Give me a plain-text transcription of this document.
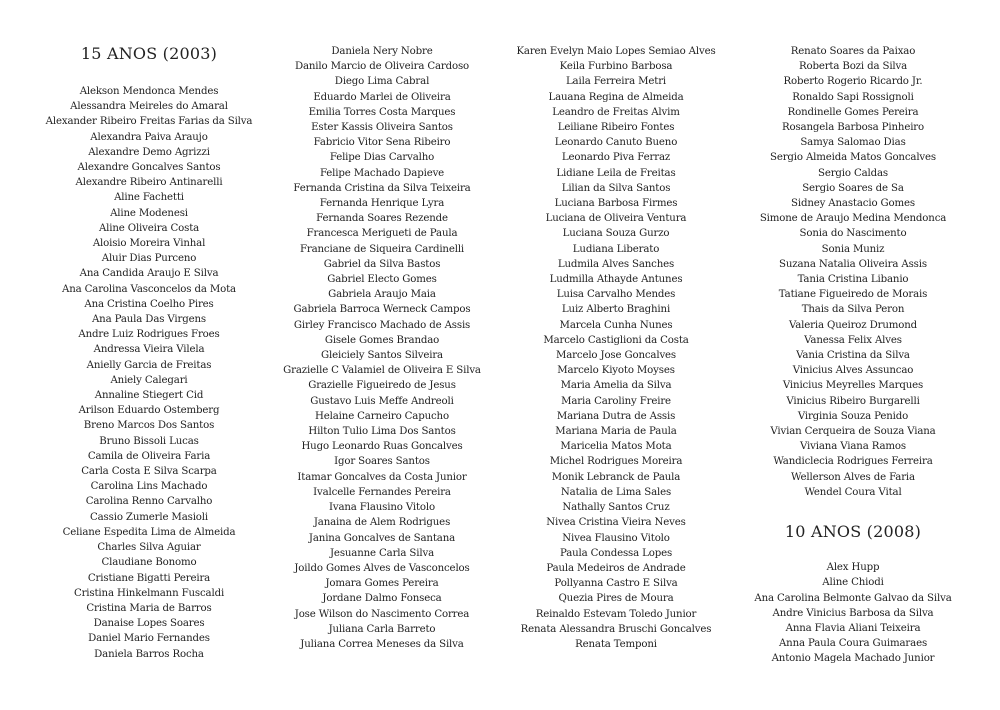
15 ANOS (2003)
Alekson Mendonca Mendes
Alessandra Meireles do Amaral
Alexander Ribeiro Freitas Farias da Silva
Alexandra Paiva Araujo
Alexandre Demo Agrizzi
Alexandre Goncalves Santos
Alexandre Ribeiro Antinarelli
Aline Fachetti
Aline Modenesi
Aline Oliveira Costa
Aloisio Moreira Vinhal
Aluir Dias Purceno
Ana Candida Araujo E Silva
Ana Carolina Vasconcelos da Mota
Ana Cristina Coelho Pires
Ana Paula Das Virgens
Andre Luiz Rodrigues Froes
Andressa Vieira Vilela
Anielly Garcia de Freitas
Aniely Calegari
Annaline Stiegert Cid
Arilson Eduardo Ostemberg
Breno Marcos Dos Santos
Bruno Bissoli Lucas
Camila de Oliveira Faria
Carla Costa E Silva Scarpa
Carolina Lins Machado
Carolina Renno Carvalho
Cassio Zumerle Masioli
Celiane Espedita Lima de Almeida
Charles Silva Aguiar
Claudiane Bonomo
Cristiane Bigatti Pereira
Cristina Hinkelmann Fuscaldi
Cristina Maria de Barros
Danaise Lopes Soares
Daniel Mario Fernandes
Daniela Barros Rocha
Daniela Nery Nobre
Danilo Marcio de Oliveira Cardoso
Diego Lima Cabral
Eduardo Marlei de Oliveira
Emilia Torres Costa Marques
Ester Kassis Oliveira Santos
Fabricio Vitor Sena Ribeiro
Felipe Dias Carvalho
Felipe Machado Dapieve
Fernanda Cristina da Silva Teixeira
Fernanda Henrique Lyra
Fernanda Soares Rezende
Francesca Merigueti de Paula
Franciane de Siqueira Cardinelli
Gabriel da Silva Bastos
Gabriel Electo Gomes
Gabriela Araujo Maia
Gabriela Barroca Werneck Campos
Girley Francisco Machado de Assis
Gisele Gomes Brandao
Gleiciely Santos Silveira
Grazielle C Valamiel de Oliveira E Silva
Grazielle Figueiredo de Jesus
Gustavo Luis Meffe Andreoli
Helaine Carneiro Capucho
Hilton Tulio Lima Dos Santos
Hugo Leonardo Ruas Goncalves
Igor Soares Santos
Itamar Goncalves da Costa Junior
Ivalcelle Fernandes Pereira
Ivana Flausino Vitolo
Janaina de Alem Rodrigues
Janina Goncalves de Santana
Jesuanne Carla Silva
Joildo Gomes Alves de Vasconcelos
Jomara Gomes Pereira
Jordane Dalmo Fonseca
Jose Wilson do Nascimento Correa
Juliana Carla Barreto
Juliana Correa Meneses da Silva
Karen Evelyn Maio Lopes Semiao Alves
Keila Furbino Barbosa
Laila Ferreira Metri
Lauana Regina de Almeida
Leandro de Freitas Alvim
Leiliane Ribeiro Fontes
Leonardo Canuto Bueno
Leonardo Piva Ferraz
Lidiane Leila de Freitas
Lilian da Silva Santos
Luciana Barbosa Firmes
Luciana de Oliveira Ventura
Luciana Souza Gurzo
Ludiana Liberato
Ludmila Alves Sanches
Ludmilla Athayde Antunes
Luisa Carvalho Mendes
Luiz Alberto Braghini
Marcela Cunha Nunes
Marcelo Castiglioni da Costa
Marcelo Jose Goncalves
Marcelo Kiyoto Moyses
Maria Amelia da Silva
Maria Caroliny Freire
Mariana Dutra de Assis
Mariana Maria de Paula
Maricelia Matos Mota
Michel Rodrigues Moreira
Monik Lebranck de Paula
Natalia de Lima Sales
Nathally Santos Cruz
Nivea Cristina Vieira Neves
Nivea Flausino Vitolo
Paula Condessa Lopes
Paula Medeiros de Andrade
Pollyanna Castro E Silva
Quezia Pires de Moura
Reinaldo Estevam Toledo Junior
Renata Alessandra Bruschi Goncalves
Renata Temponi
Renato Soares da Paixao
Roberta Bozi da Silva
Roberto Rogerio Ricardo Jr.
Ronaldo Sapi Rossignoli
Rondinelle Gomes Pereira
Rosangela Barbosa Pinheiro
Samya Salomao Dias
Sergio Almeida Matos Goncalves
Sergio Caldas
Sergio Soares de Sa
Sidney Anastacio Gomes
Simone de Araujo Medina Mendonca
Sonia do Nascimento
Sonia Muniz
Suzana Natalia Oliveira Assis
Tania Cristina Libanio
Tatiane Figueiredo de Morais
Thais da Silva Peron
Valeria Queiroz Drumond
Vanessa Felix Alves
Vania Cristina da Silva
Vinicius Alves Assuncao
Vinicius Meyrelles Marques
Vinicius Ribeiro Burgarelli
Virginia Souza Penido
Vivian Cerqueira de Souza Viana
Viviana Viana Ramos
Wandiclecia Rodrigues Ferreira
Wellerson Alves de Faria
Wendel Coura Vital
10 ANOS (2008)
Alex Hupp
Aline Chiodi
Ana Carolina Belmonte Galvao da Silva
Andre Vinicius Barbosa da Silva
Anna Flavia Aliani Teixeira
Anna Paula Coura Guimaraes
Antonio Magela Machado Junior
